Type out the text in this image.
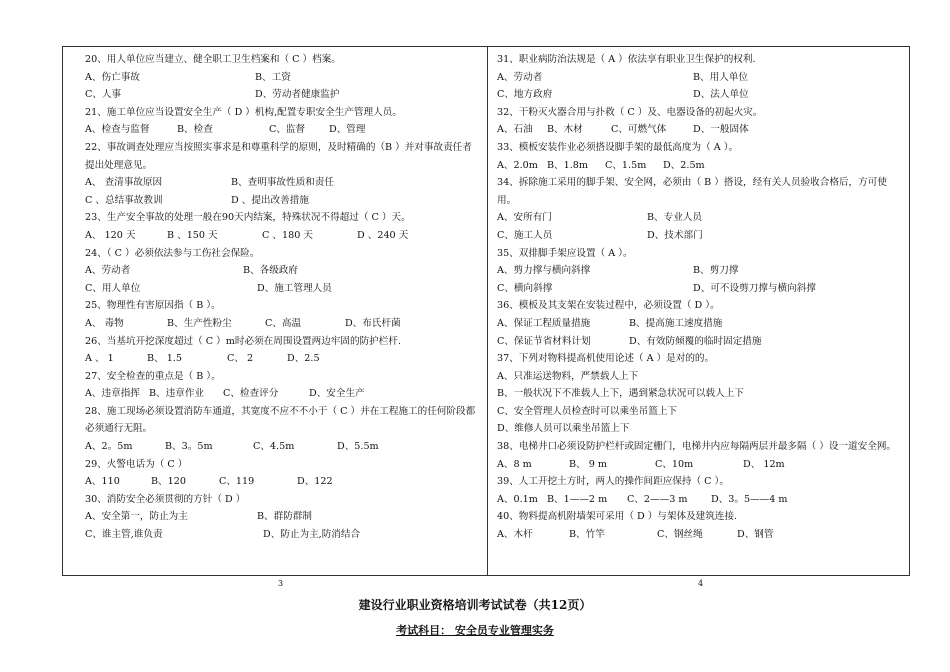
20、用人单位应当建立、健全职工卫生档案和（ C ）档案。
A、伤亡事故	B、工资
C、人事	D、劳动者健康监护
21、施工单位应当设置安全生产（ D ）机构,配置专职安全生产管理人员。
A、检查与监督	B、检查	C、监督	D、管理
22、事故调查处理应当按照实事求是和尊重科学的原则，及时精确的（B ）并对事故责任者提出处理意见。
A、 查清事故原因	B、查明事故性质和责任
C 、总结事故教训	D 、提出改善措施
23、生产安全事故的处理一般在90天内结案，特殊状况不得超过（ C ）天。
A、 120 天	B 、150 天	C 、180 天	D 、240 天
24、（ C ）必须依法参与工伤社会保险。
A、劳动者	B、各级政府
C、用人单位	D、施工管理人员
25、物理性有害原因指（ B ）。
A、 毒物	B、生产性粉尘	C、高温	D、布氏杆菌
26、当基坑开挖深度超过（ C ）m时必须在周围设置两边牢固的防护栏杆.
A 、 1	B、 1.5	C、 2	D、2.5
27、安全检查的重点是（ B ）。
A、违章指挥 B、违章作业	C、检查评分	D、安全生产
28、施工现场必须设置消防车通道，其宽度不应不不小于（ C ）并在工程施工的任何阶段都必须通行无阻。
A、2。5m	B、3。5m	C、4.5m	D、5.5m
29、火警电话为（ C ）
A、110	B、120	C、119	D、122
30、消防安全必须贯彻的方针（ D ）
A、安全第一，防止为主	B、群防群制
C、谁主管,谁负责	D、防止为主,防消结合
31、职业病防治法规是（ A ）依法享有职业卫生保护的权利.
A、劳动者	B、用人单位
C、地方政府	D、法人单位
32、干粉灭火器合用与扑救（ C ）及、电器设备的初起火灾。
A、石油	B、木材	C、可燃气体	D、一般固体
33、模板安装作业必须搭设脚手架的最低高度为（ A ）。
A、2.0m B、1.8m	C、1.5m	D、2.5m
34、拆除施工采用的脚手架、安全网，必须由（ B ）搭设，经有关人员验收合格后，方可使用。
A、安所有门	B、专业人员
C、施工人员	D、技术部门
35、双排脚手架应设置（ A ）。
A、剪力撑与横向斜撑	B、剪刀撑
C、横向斜撑	D、可不设剪刀撑与横向斜撑
36、模板及其支架在安装过程中，必须设置（ D ）。
A、保证工程质量措施	B、提高施工速度措施
C、保证节省材料计划	D、有效防倾覆的临时固定措施
37、下列对物料提高机使用论述（ A ）是对的的。
A、只准运送物料，严禁载人上下
B、一般状况下不准载人上下，遇到紧急状况可以载人上下
C、安全管理人员检查时可以乘坐吊篮上下
D、维修人员可以乘坐吊篮上下
38、电梯井口必须设防护栏杆或固定栅门，电梯井内应每隔两层并最多隔（ ）设一道安全网。
A、8 m	B、 9 m	C、10m	D、 12m
39、人工开挖土方时，两人的操作间距应保持（ C ）。
A、0.1m B、1——2 m	C、2——3 m	D、3。5——4 m
40、物料提高机附墙架可采用（ D ）与架体及建筑连接.
A、木杆	B、竹竿	C、钢丝绳	D、钢管
3	4
建设行业职业资格培训考试试卷（共12页）
考试科目： 安全员专业管理实务
